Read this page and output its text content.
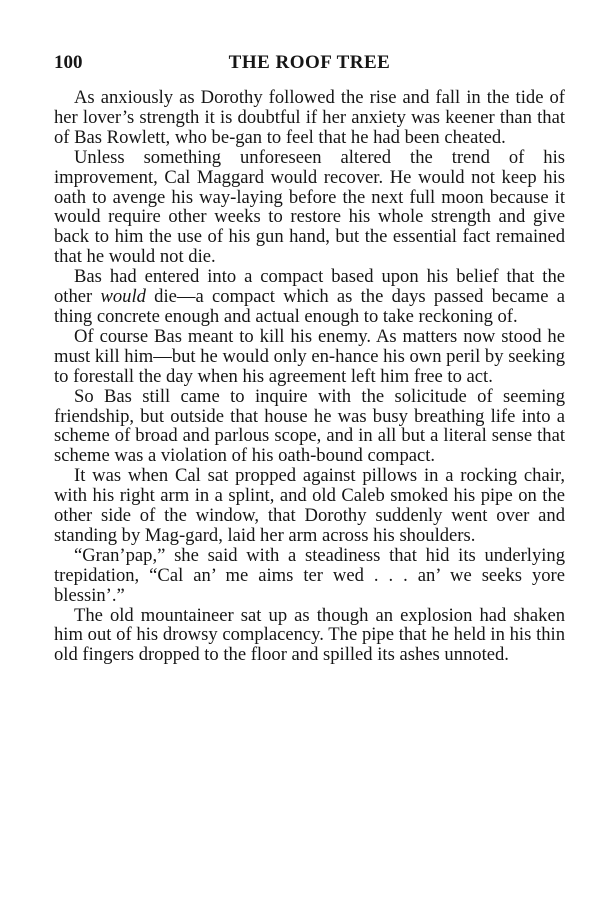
100	THE ROOF TREE

As anxiously as Dorothy followed the rise and fall in the tide of her lover’s strength it is doubtful if her anxiety was keener than that of Bas Rowlett, who be-gan to feel that he had been cheated.

Unless something unforeseen altered the trend of his improvement, Cal Maggard would recover. He would not keep his oath to avenge his way-laying before the next full moon because it would require other weeks to restore his whole strength and give back to him the use of his gun hand, but the essential fact remained that he would not die.

Bas had entered into a compact based upon his belief that the other would die—a compact which as the days passed became a thing concrete enough and actual enough to take reckoning of.

Of course Bas meant to kill his enemy. As matters now stood he must kill him—but he would only en-hance his own peril by seeking to forestall the day when his agreement left him free to act.

So Bas still came to inquire with the solicitude of seeming friendship, but outside that house he was busy breathing life into a scheme of broad and parlous scope, and in all but a literal sense that scheme was a violation of his oath-bound compact.

It was when Cal sat propped against pillows in a rocking chair, with his right arm in a splint, and old Caleb smoked his pipe on the other side of the window, that Dorothy suddenly went over and standing by Mag-gard, laid her arm across his shoulders.

“Gran’pap,” she said with a steadiness that hid its underlying trepidation, “Cal an’ me aims ter wed . . . an’ we seeks yore blessin’.”

The old mountaineer sat up as though an explosion had shaken him out of his drowsy complacency. The pipe that he held in his thin old fingers dropped to the floor and spilled its ashes unnoted.
